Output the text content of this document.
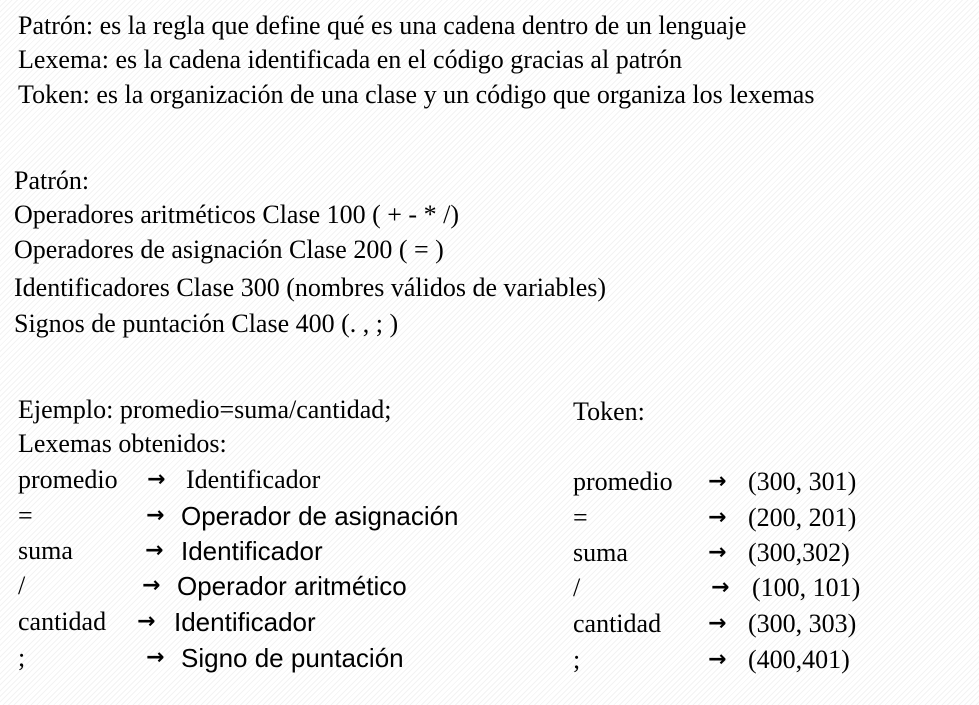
Patrón: es la regla que define qué es una cadena dentro de un lenguaje
Lexema: es la cadena identificada en el código gracias al patrón
Token: es la organización de una clase y un código que organiza los lexemas
Patrón:
Operadores aritméticos Clase 100 ( + - * /)
Operadores de asignación Clase 200 ( = )
Identificadores Clase 300 (nombres válidos de variables)
Signos de puntación Clase 400 (. , ; )
Ejemplo: promedio=suma/cantidad;
Lexemas obtenidos:
promedio → Identificador
=	→ Operador de asignación
suma	→ Identificador
/	→ Operador aritmético
cantidad → Identificador
;	→ Signo de puntación
Token:
promedio → (300, 301)
=	→ (200, 201)
suma	→ (300,302)
/	→ (100, 101)
cantidad → (300, 303)
;	→ (400,401)
